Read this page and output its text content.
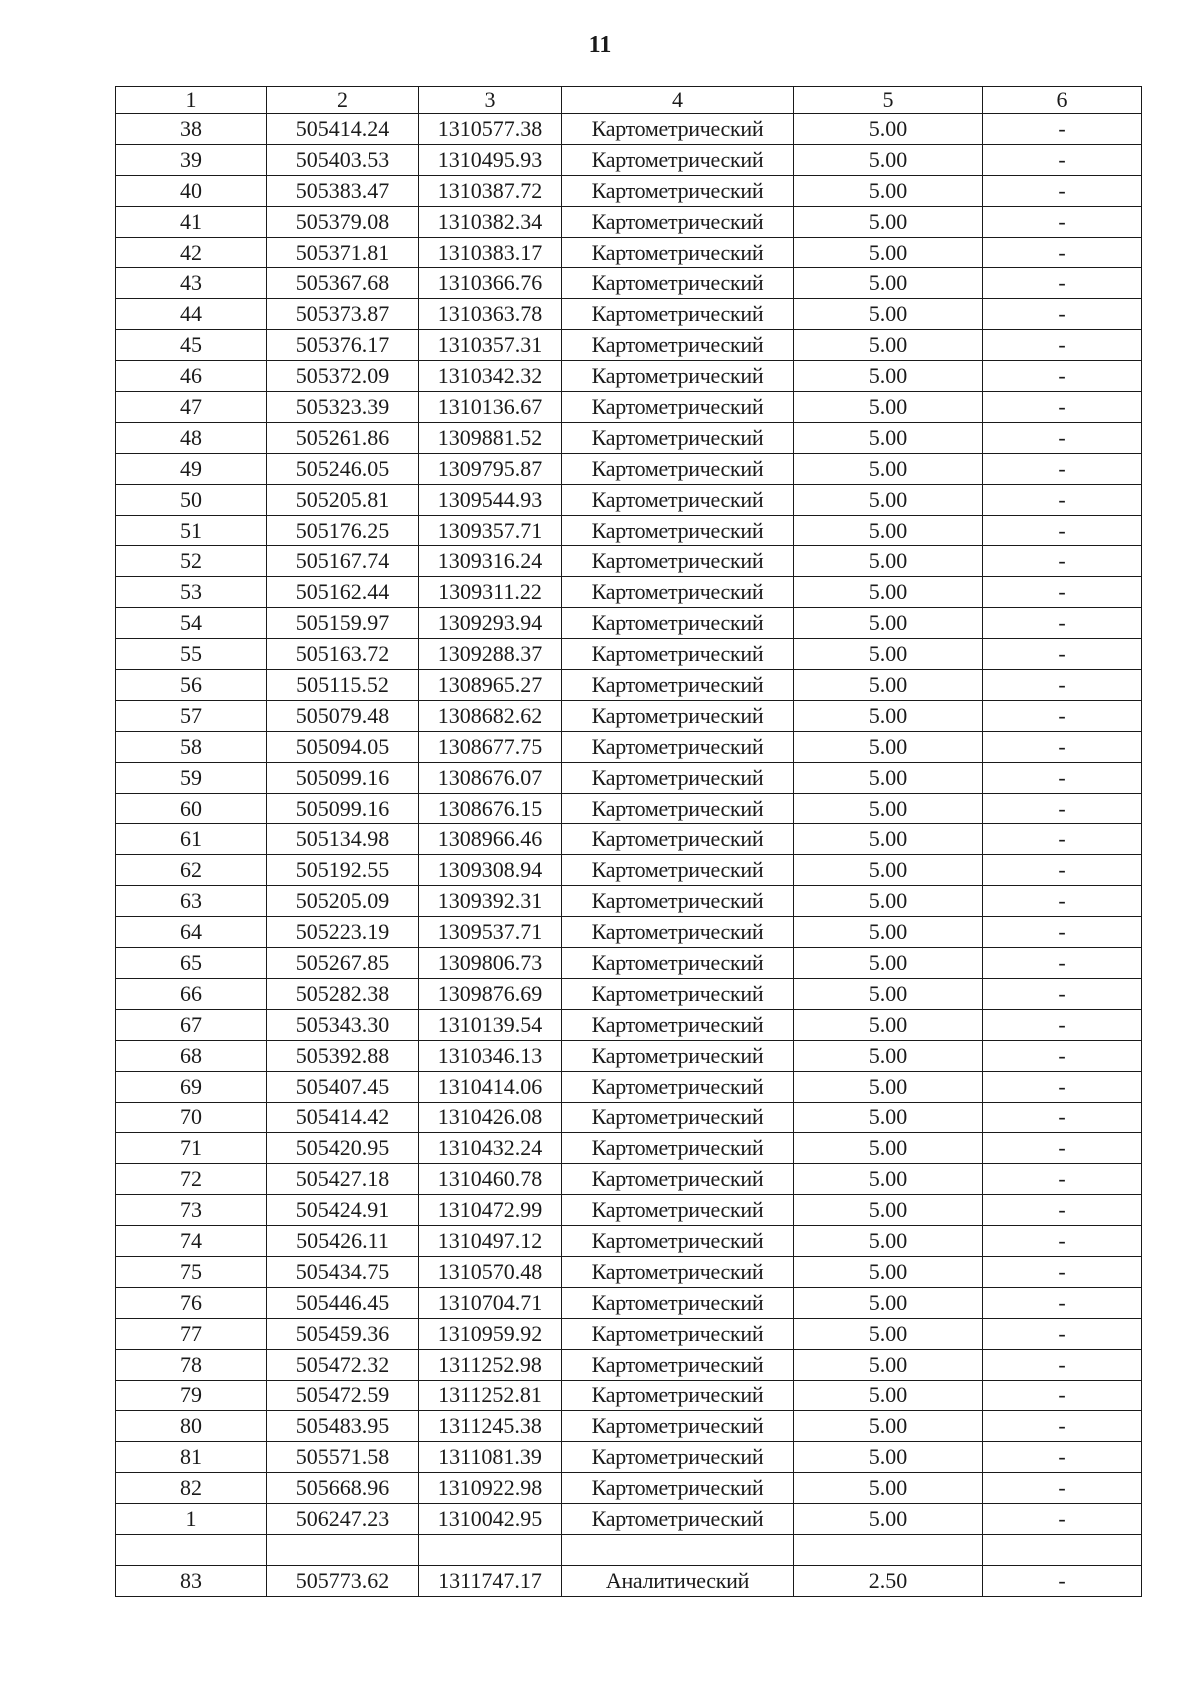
11
1	2	3	4	5	6
38	505414.24	1310577.38	Картометрический	5.00	-
39	505403.53	1310495.93	Картометрический	5.00	-
40	505383.47	1310387.72	Картометрический	5.00	-
41	505379.08	1310382.34	Картометрический	5.00	-
42	505371.81	1310383.17	Картометрический	5.00	-
43	505367.68	1310366.76	Картометрический	5.00	-
44	505373.87	1310363.78	Картометрический	5.00	-
45	505376.17	1310357.31	Картометрический	5.00	-
46	505372.09	1310342.32	Картометрический	5.00	-
47	505323.39	1310136.67	Картометрический	5.00	-
48	505261.86	1309881.52	Картометрический	5.00	-
49	505246.05	1309795.87	Картометрический	5.00	-
50	505205.81	1309544.93	Картометрический	5.00	-
51	505176.25	1309357.71	Картометрический	5.00	-
52	505167.74	1309316.24	Картометрический	5.00	-
53	505162.44	1309311.22	Картометрический	5.00	-
54	505159.97	1309293.94	Картометрический	5.00	-
55	505163.72	1309288.37	Картометрический	5.00	-
56	505115.52	1308965.27	Картометрический	5.00	-
57	505079.48	1308682.62	Картометрический	5.00	-
58	505094.05	1308677.75	Картометрический	5.00	-
59	505099.16	1308676.07	Картометрический	5.00	-
60	505099.16	1308676.15	Картометрический	5.00	-
61	505134.98	1308966.46	Картометрический	5.00	-
62	505192.55	1309308.94	Картометрический	5.00	-
63	505205.09	1309392.31	Картометрический	5.00	-
64	505223.19	1309537.71	Картометрический	5.00	-
65	505267.85	1309806.73	Картометрический	5.00	-
66	505282.38	1309876.69	Картометрический	5.00	-
67	505343.30	1310139.54	Картометрический	5.00	-
68	505392.88	1310346.13	Картометрический	5.00	-
69	505407.45	1310414.06	Картометрический	5.00	-
70	505414.42	1310426.08	Картометрический	5.00	-
71	505420.95	1310432.24	Картометрический	5.00	-
72	505427.18	1310460.78	Картометрический	5.00	-
73	505424.91	1310472.99	Картометрический	5.00	-
74	505426.11	1310497.12	Картометрический	5.00	-
75	505434.75	1310570.48	Картометрический	5.00	-
76	505446.45	1310704.71	Картометрический	5.00	-
77	505459.36	1310959.92	Картометрический	5.00	-
78	505472.32	1311252.98	Картометрический	5.00	-
79	505472.59	1311252.81	Картометрический	5.00	-
80	505483.95	1311245.38	Картометрический	5.00	-
81	505571.58	1311081.39	Картометрический	5.00	-
82	505668.96	1310922.98	Картометрический	5.00	-
1	506247.23	1310042.95	Картометрический	5.00	-

83	505773.62	1311747.17	Аналитический	2.50	-
